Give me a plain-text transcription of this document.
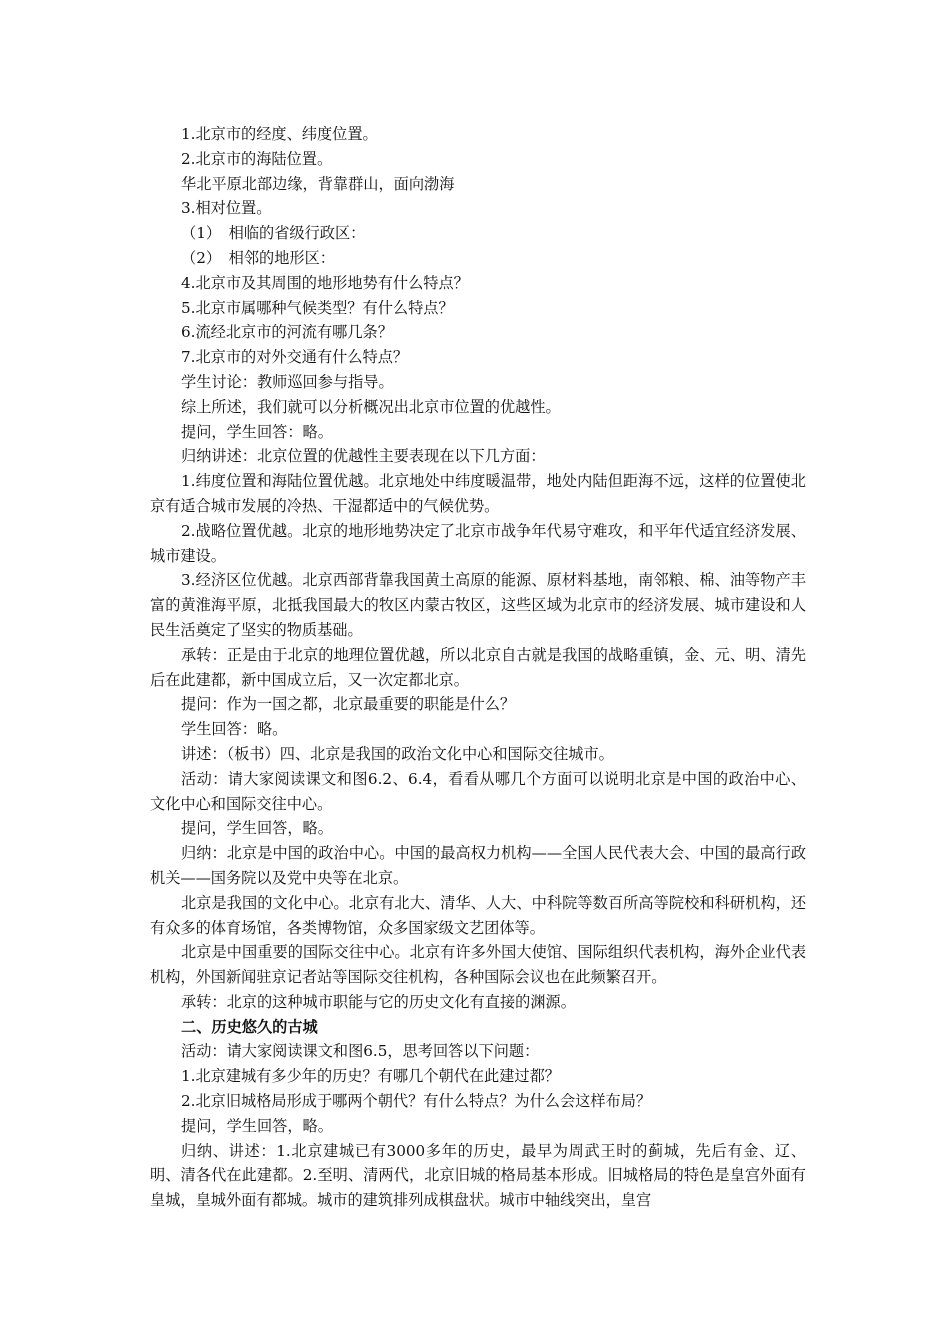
1.北京市的经度、纬度位置。

2.北京市的海陆位置。

华北平原北部边缘，背靠群山，面向渤海

3.相对位置。

（1）　相临的省级行政区：

（2）　相邻的地形区：

4.北京市及其周围的地形地势有什么特点？

5.北京市属哪种气候类型？有什么特点？

6.流经北京市的河流有哪几条？

7.北京市的对外交通有什么特点？

学生讨论：教师巡回参与指导。

综上所述，我们就可以分析概况出北京市位置的优越性。

提问，学生回答：略。

归纳讲述：北京位置的优越性主要表现在以下几方面：

1.纬度位置和海陆位置优越。北京地处中纬度暖温带，地处内陆但距海不远，这样的位置使北京有适合城市发展的冷热、干湿都适中的气候优势。

2.战略位置优越。北京的地形地势决定了北京市战争年代易守难攻，和平年代适宜经济发展、城市建设。

3.经济区位优越。北京西部背靠我国黄土高原的能源、原材料基地，南邻粮、棉、油等物产丰富的黄淮海平原，北抵我国最大的牧区内蒙古牧区，这些区域为北京市的经济发展、城市建设和人民生活奠定了坚实的物质基础。

承转：正是由于北京的地理位置优越，所以北京自古就是我国的战略重镇，金、元、明、清先后在此建都，新中国成立后，又一次定都北京。

提问：作为一国之都，北京最重要的职能是什么？

学生回答：略。

讲述：（板书）四、北京是我国的政治文化中心和国际交往城市。

活动：请大家阅读课文和图6.2、6.4，看看从哪几个方面可以说明北京是中国的政治中心、文化中心和国际交往中心。

提问，学生回答，略。

归纳：北京是中国的政治中心。中国的最高权力机构——全国人民代表大会、中国的最高行政机关——国务院以及党中央等在北京。

北京是我国的文化中心。北京有北大、清华、人大、中科院等数百所高等院校和科研机构，还有众多的体育场馆，各类博物馆，众多国家级文艺团体等。

北京是中国重要的国际交往中心。北京有许多外国大使馆、国际组织代表机构，海外企业代表机构，外国新闻驻京记者站等国际交往机构，各种国际会议也在此频繁召开。

承转：北京的这种城市职能与它的历史文化有直接的渊源。

二、历史悠久的古城

活动：请大家阅读课文和图6.5，思考回答以下问题：

1.北京建城有多少年的历史？有哪几个朝代在此建过都？

2.北京旧城格局形成于哪两个朝代？有什么特点？为什么会这样布局？

提问，学生回答，略。

归纳、讲述：1.北京建城已有3000多年的历史，最早为周武王时的蓟城，先后有金、辽、明、清各代在此建都。2.至明、清两代，北京旧城的格局基本形成。旧城格局的特色是皇宫外面有皇城，皇城外面有都城。城市的建筑排列成棋盘状。城市中轴线突出，皇宫
